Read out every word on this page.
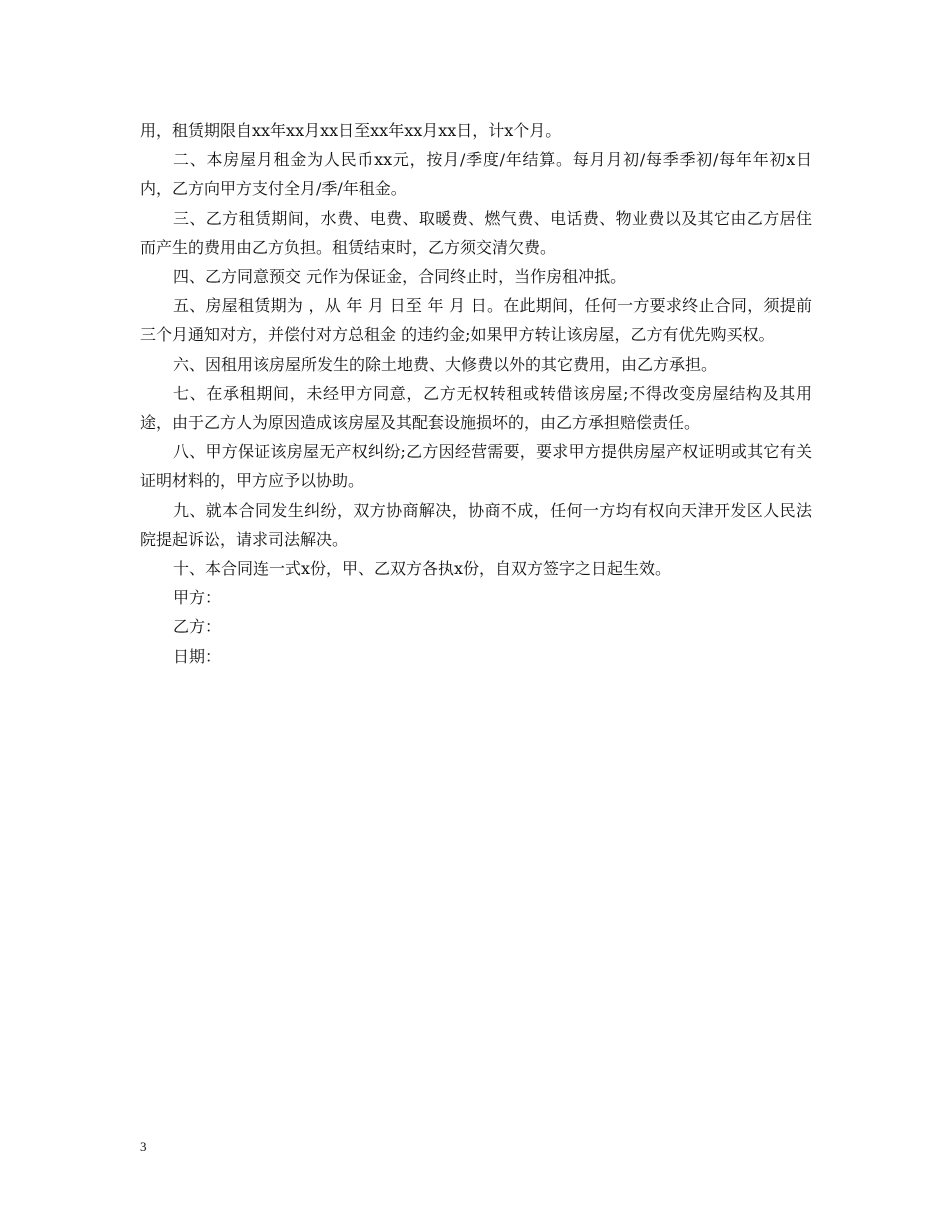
用，租赁期限自xx年xx月xx日至xx年xx月xx日，计x个月。

二、本房屋月租金为人民币xx元，按月/季度/年结算。每月月初/每季季初/每年年初x日内，乙方向甲方支付全月/季/年租金。

三、乙方租赁期间，水费、电费、取暖费、燃气费、电话费、物业费以及其它由乙方居住而产生的费用由乙方负担。租赁结束时，乙方须交清欠费。

四、乙方同意预交 元作为保证金，合同终止时，当作房租冲抵。

五、房屋租赁期为 ，从 年 月 日至 年 月 日。在此期间，任何一方要求终止合同，须提前三个月通知对方，并偿付对方总租金 的违约金;如果甲方转让该房屋，乙方有优先购买权。

六、因租用该房屋所发生的除土地费、大修费以外的其它费用，由乙方承担。

七、在承租期间，未经甲方同意，乙方无权转租或转借该房屋;不得改变房屋结构及其用途，由于乙方人为原因造成该房屋及其配套设施损坏的，由乙方承担赔偿责任。

八、甲方保证该房屋无产权纠纷;乙方因经营需要，要求甲方提供房屋产权证明或其它有关证明材料的，甲方应予以协助。

九、就本合同发生纠纷，双方协商解决，协商不成，任何一方均有权向天津开发区人民法院提起诉讼，请求司法解决。

十、本合同连一式x份，甲、乙双方各执x份，自双方签字之日起生效。

甲方：

乙方：

日期：

3
